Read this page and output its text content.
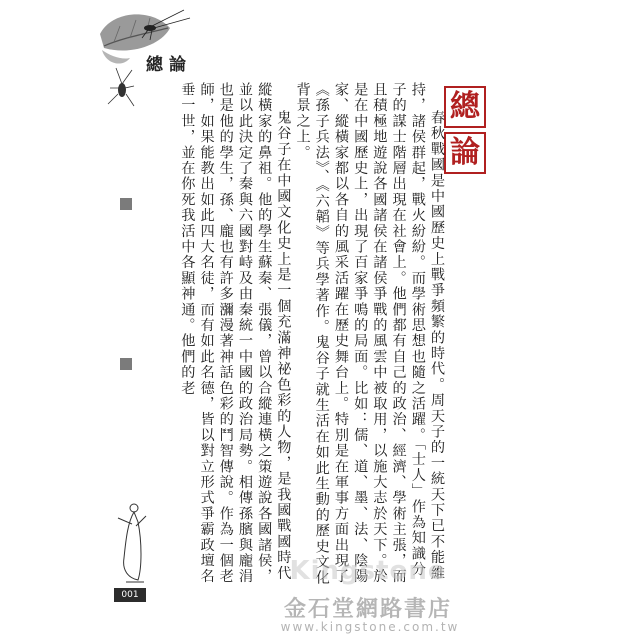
總論
總
論

春秋戰國是中國歷史上戰爭頻繁的時代。周天子的一統天下已不能維持，諸侯群起，戰火紛紛。而學術思想也隨之活躍。「士人」作為知識分子的謀士階層出現在社會上。他們都有自己的政治、經濟、學術主張，而且積極地遊說各國諸侯在諸侯爭戰的風雲中被取用，以施大志於天下。於是在中國歷史上，出現了百家爭鳴的局面。比如：儒、道、墨、法、陰陽家、縱橫家都以各自的風采活躍在歷史舞台上。特別是在軍事方面出現了《孫子兵法》、《六韜》等兵學著作。鬼谷子就生活在如此生動的歷史文化背景之上。

鬼谷子在中國文化史上是一個充滿神祕色彩的人物，是我國戰國時代縱橫家的鼻祖。他的學生蘇秦、張儀，曾以合縱連橫之策遊說各國諸侯，並以此決定了秦與六國對峙及由秦統一中國的政治局勢。相傳孫臏與龐涓也是他的學生，孫、龐也有許多瀰漫著神話色彩的鬥智傳說。作為一個老師，如果能教出如此四大名徒，而有如此名德，皆以對立形式爭霸政壇名垂一世，並在你死我活中各顯神通。他們的老

001
Kingstone
金石堂網路書店
www.kingstone.com.tw
